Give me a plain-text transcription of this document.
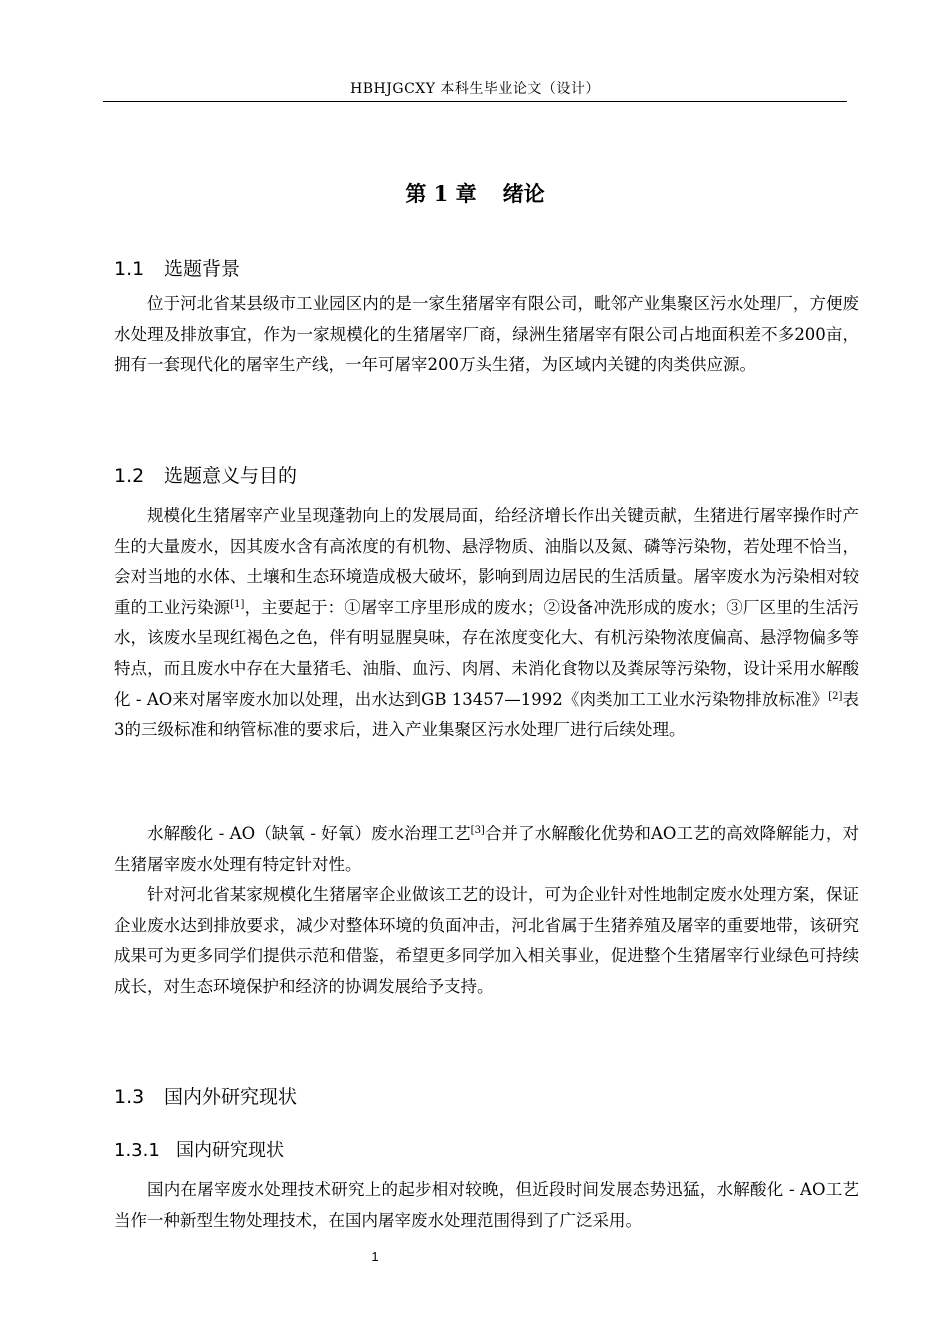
HBHJGCXY 本科生毕业论文（设计）
第 1 章 绪论
1.1 选题背景
位于河北省某县级市工业园区内的是一家生猪屠宰有限公司，毗邻产业集聚区污水处理厂，方便废水处理及排放事宜，作为一家规模化的生猪屠宰厂商，绿洲生猪屠宰有限公司占地面积差不多200亩，拥有一套现代化的屠宰生产线，一年可屠宰200万头生猪，为区域内关键的肉类供应源。
1.2 选题意义与目的
规模化生猪屠宰产业呈现蓬勃向上的发展局面，给经济增长作出关键贡献，生猪进行屠宰操作时产生的大量废水，因其废水含有高浓度的有机物、悬浮物质、油脂以及氮、磷等污染物，若处理不恰当，会对当地的水体、土壤和生态环境造成极大破坏，影响到周边居民的生活质量。屠宰废水为污染相对较重的工业污染源[1]，主要起于：①屠宰工序里形成的废水；②设备冲洗形成的废水；③厂区里的生活污水，该废水呈现红褐色之色，伴有明显腥臭味，存在浓度变化大、有机污染物浓度偏高、悬浮物偏多等特点，而且废水中存在大量猪毛、油脂、血污、肉屑、未消化食物以及粪尿等污染物，设计采用水解酸化 - AO来对屠宰废水加以处理，出水达到GB 13457—1992《肉类加工工业水污染物排放标准》[2]表3的三级标准和纳管标准的要求后，进入产业集聚区污水处理厂进行后续处理。
水解酸化 - AO（缺氧 - 好氧）废水治理工艺[3]合并了水解酸化优势和AO工艺的高效降解能力，对生猪屠宰废水处理有特定针对性。
针对河北省某家规模化生猪屠宰企业做该工艺的设计，可为企业针对性地制定废水处理方案，保证企业废水达到排放要求，减少对整体环境的负面冲击，河北省属于生猪养殖及屠宰的重要地带，该研究成果可为更多同学们提供示范和借鉴，希望更多同学加入相关事业，促进整个生猪屠宰行业绿色可持续成长，对生态环境保护和经济的协调发展给予支持。
1.3 国内外研究现状
1.3.1 国内研究现状
国内在屠宰废水处理技术研究上的起步相对较晚，但近段时间发展态势迅猛，水解酸化 - AO工艺当作一种新型生物处理技术，在国内屠宰废水处理范围得到了广泛采用。
1
